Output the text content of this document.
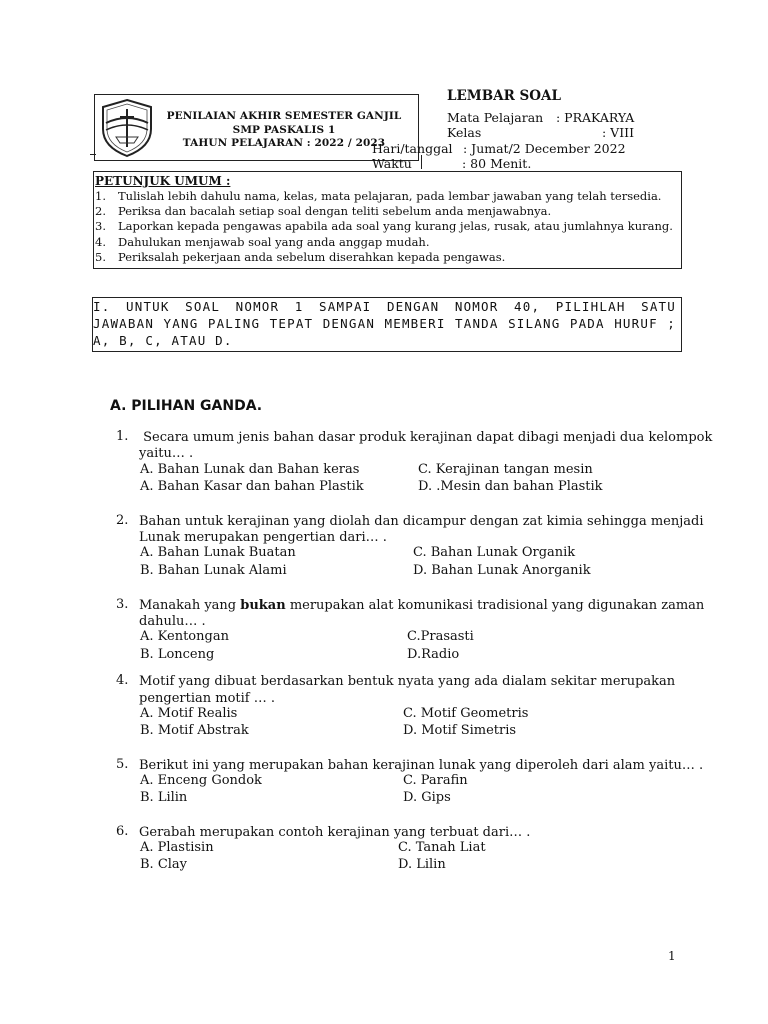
PENILAIAN AKHIR SEMESTER GANJIL
SMP PASKALIS 1
TAHUN PELAJARAN : 2022 / 2023
LEMBAR SOAL
Mata Pelajaran : PRAKARYA
Kelas	: VIII
Hari/tanggal : Jumat/2 December 2022
Waktu	: 80 Menit.
PETUNJUK UMUM :
1. Tulislah lebih dahulu nama, kelas, mata pelajaran, pada lembar jawaban yang telah tersedia.
2. Periksa dan bacalah setiap soal dengan teliti sebelum anda menjawabnya.
3. Laporkan kepada pengawas apabila ada soal yang kurang jelas, rusak, atau jumlahnya kurang.
4. Dahulukan menjawab soal yang anda anggap mudah.
5. Periksalah pekerjaan anda sebelum diserahkan kepada pengawas.
I. UNTUK SOAL NOMOR 1 SAMPAI DENGAN NOMOR 40, PILIHLAH SATU JAWABAN YANG PALING TEPAT DENGAN MEMBERI TANDA SILANG PADA HURUF ; A, B, C, ATAU D.
A. PILIHAN GANDA.
1. Secara umum jenis bahan dasar produk kerajinan dapat dibagi menjadi dua kelompok
yaitu… .
A. Bahan Lunak dan Bahan keras	C. Kerajinan tangan mesin
A. Bahan Kasar dan bahan Plastik	D. .Mesin dan bahan Plastik
2. Bahan untuk kerajinan yang diolah dan dicampur dengan zat kimia sehingga menjadi
Lunak merupakan pengertian dari… .
A. Bahan Lunak Buatan	C. Bahan Lunak Organik
B. Bahan Lunak Alami	D. Bahan Lunak Anorganik
3. Manakah yang bukan merupakan alat komunikasi tradisional yang digunakan zaman
dahulu… .
A. Kentongan	C.Prasasti
B. Lonceng	D.Radio
4. Motif yang dibuat berdasarkan bentuk nyata yang ada dialam sekitar merupakan
pengertian motif … .
A. Motif Realis	C. Motif Geometris
B. Motif Abstrak	D. Motif Simetris
5. Berikut ini yang merupakan bahan kerajinan lunak yang diperoleh dari alam yaitu… .
A. Enceng Gondok	C. Parafin
B. Lilin	D. Gips
6. Gerabah merupakan contoh kerajinan yang terbuat dari… .
A. Plastisin	C. Tanah Liat
B. Clay	D. Lilin
1
